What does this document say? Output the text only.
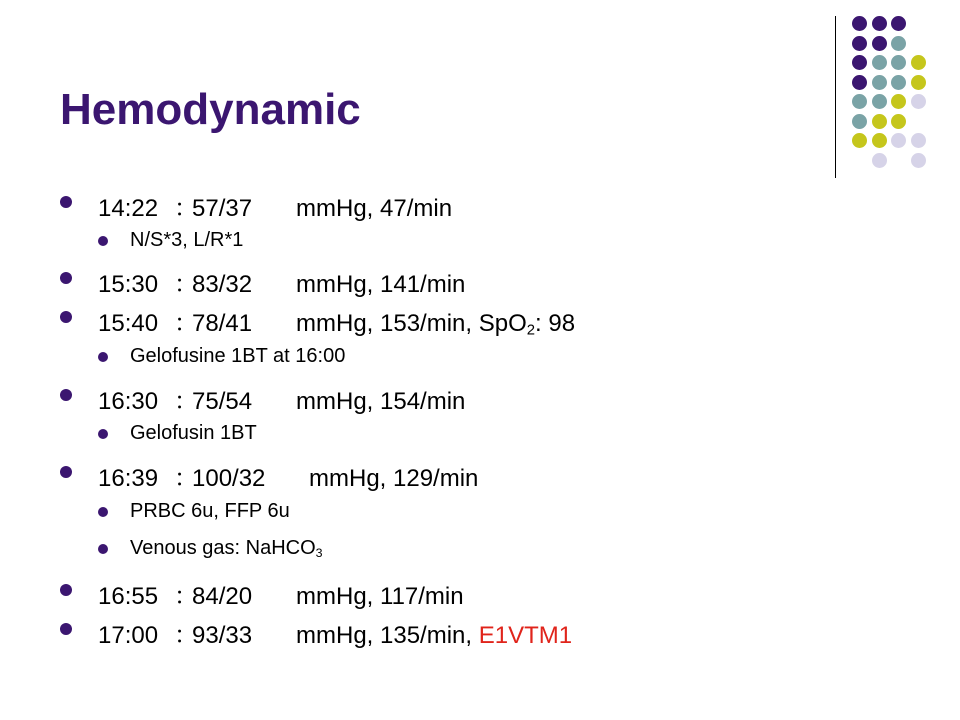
Hemodynamic
14:22 ：57/37 mmHg, 47/min
N/S*3, L/R*1
15:30 ：83/32 mmHg, 141/min
15:40 ：78/41 mmHg, 153/min, SpO$_2$: 98
Gelofusine 1BT at 16:00
16:30 ：75/54 mmHg, 154/min
Gelofusin 1BT
16:39 ：100/32 mmHg, 129/min
PRBC 6u, FFP 6u
Venous gas: NaHCO$_3$
16:55 ：84/20 mmHg, 117/min
17:00 ：93/33 mmHg, 135/min, E1VTM1
